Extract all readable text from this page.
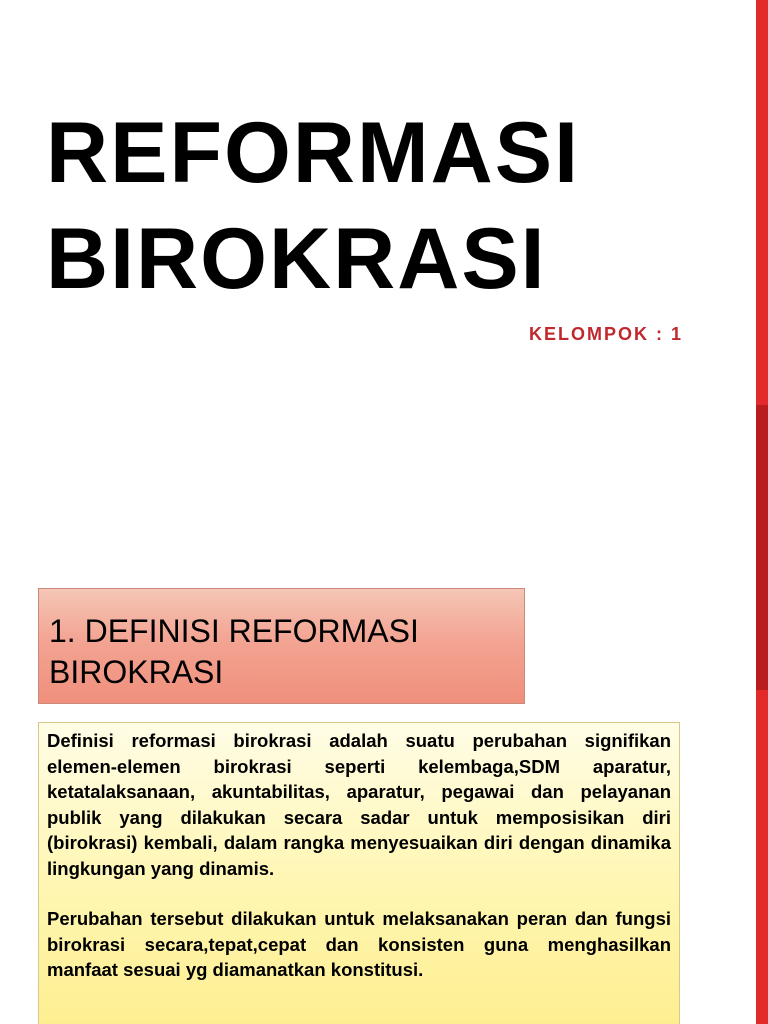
REFORMASI
BIROKRASI

KELOMPOK : 1

1. DEFINISI REFORMASI
BIROKRASI

Definisi reformasi birokrasi adalah suatu perubahan signifikan elemen-elemen birokrasi seperti kelembaga,SDM aparatur, ketatalaksanaan, akuntabilitas, aparatur, pegawai dan pelayanan publik yang dilakukan secara sadar untuk memposisikan diri (birokrasi) kembali, dalam rangka menyesuaikan diri dengan dinamika lingkungan yang dinamis.

Perubahan tersebut dilakukan untuk melaksanakan peran dan fungsi birokrasi secara,tepat,cepat dan konsisten guna menghasilkan manfaat sesuai yg diamanatkan konstitusi.
